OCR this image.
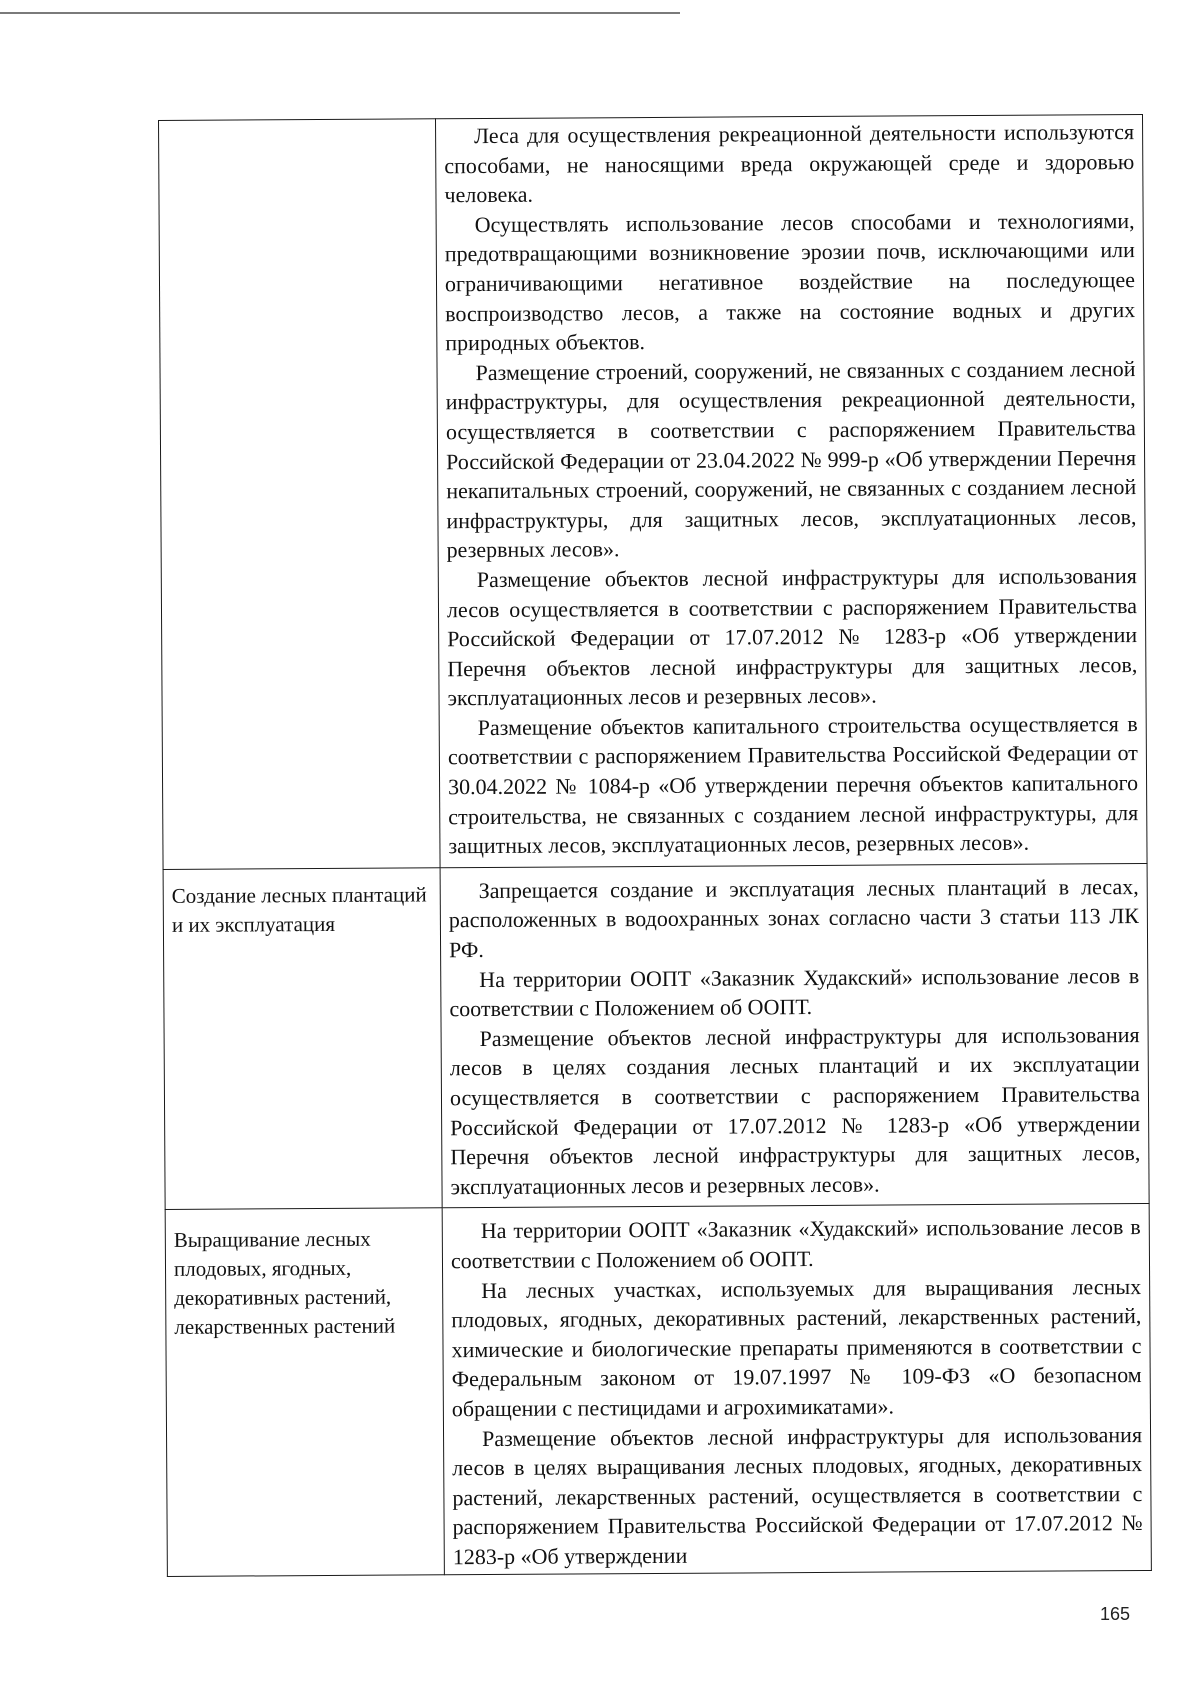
	Леса для осуществления рекреационной деятельности используются способами, не наносящими вреда окружающей среде и здоровью человека.

Осуществлять использование лесов способами и технологиями, предотвращающими возникновение эрозии почв, исключающими или ограничивающими негативное воздействие на последующее воспроизводство лесов, а также на состояние водных и других природных объектов.

Размещение строений, сооружений, не связанных с созданием лесной инфраструктуры, для осуществления рекреационной деятельности, осуществляется в соответствии с распоряжением Правительства Российской Федерации от 23.04.2022 № 999-р «Об утверждении Перечня некапитальных строений, сооружений, не связанных с созданием лесной инфраструктуры, для защитных лесов, эксплуатационных лесов, резервных лесов».

Размещение объектов лесной инфраструктуры для использования лесов осуществляется в соответствии с распоряжением Правительства Российской Федерации от 17.07.2012 № 1283-р «Об утверждении Перечня объектов лесной инфраструктуры для защитных лесов, эксплуатационных лесов и резервных лесов».

Размещение объектов капитального строительства осуществляется в соответствии с распоряжением Правительства Российской Федерации от 30.04.2022 № 1084-р «Об утверждении перечня объектов капитального строительства, не связанных с созданием лесной инфраструктуры, для защитных лесов, эксплуатационных лесов, резервных лесов».

Создание лесных плантаций и их эксплуатация	Запрещается создание и эксплуатация лесных плантаций в лесах, расположенных в водоохранных зонах согласно части 3 статьи 113 ЛК РФ.

На территории ООПТ «Заказник Худакский» использование лесов в соответствии с Положением об ООПТ.

Размещение объектов лесной инфраструктуры для использования лесов в целях создания лесных плантаций и их эксплуатации осуществляется в соответствии с распоряжением Правительства Российской Федерации от 17.07.2012 № 1283-р «Об утверждении Перечня объектов лесной инфраструктуры для защитных лесов, эксплуатационных лесов и резервных лесов».

Выращивание лесных плодовых, ягодных, декоративных растений, лекарственных растений	На территории ООПТ «Заказник «Худакский» использование лесов в соответствии с Положением об ООПТ.

На лесных участках, используемых для выращивания лесных плодовых, ягодных, декоративных растений, лекарственных растений, химические и биологические препараты применяются в соответствии с Федеральным законом от 19.07.1997 № 109-ФЗ «О безопасном обращении с пестицидами и агрохимикатами».

Размещение объектов лесной инфраструктуры для использования лесов в целях выращивания лесных плодовых, ягодных, декоративных растений, лекарственных растений, осуществляется в соответствии с распоряжением Правительства Российской Федерации от 17.07.2012 № 1283-р «Об утверждении

165
